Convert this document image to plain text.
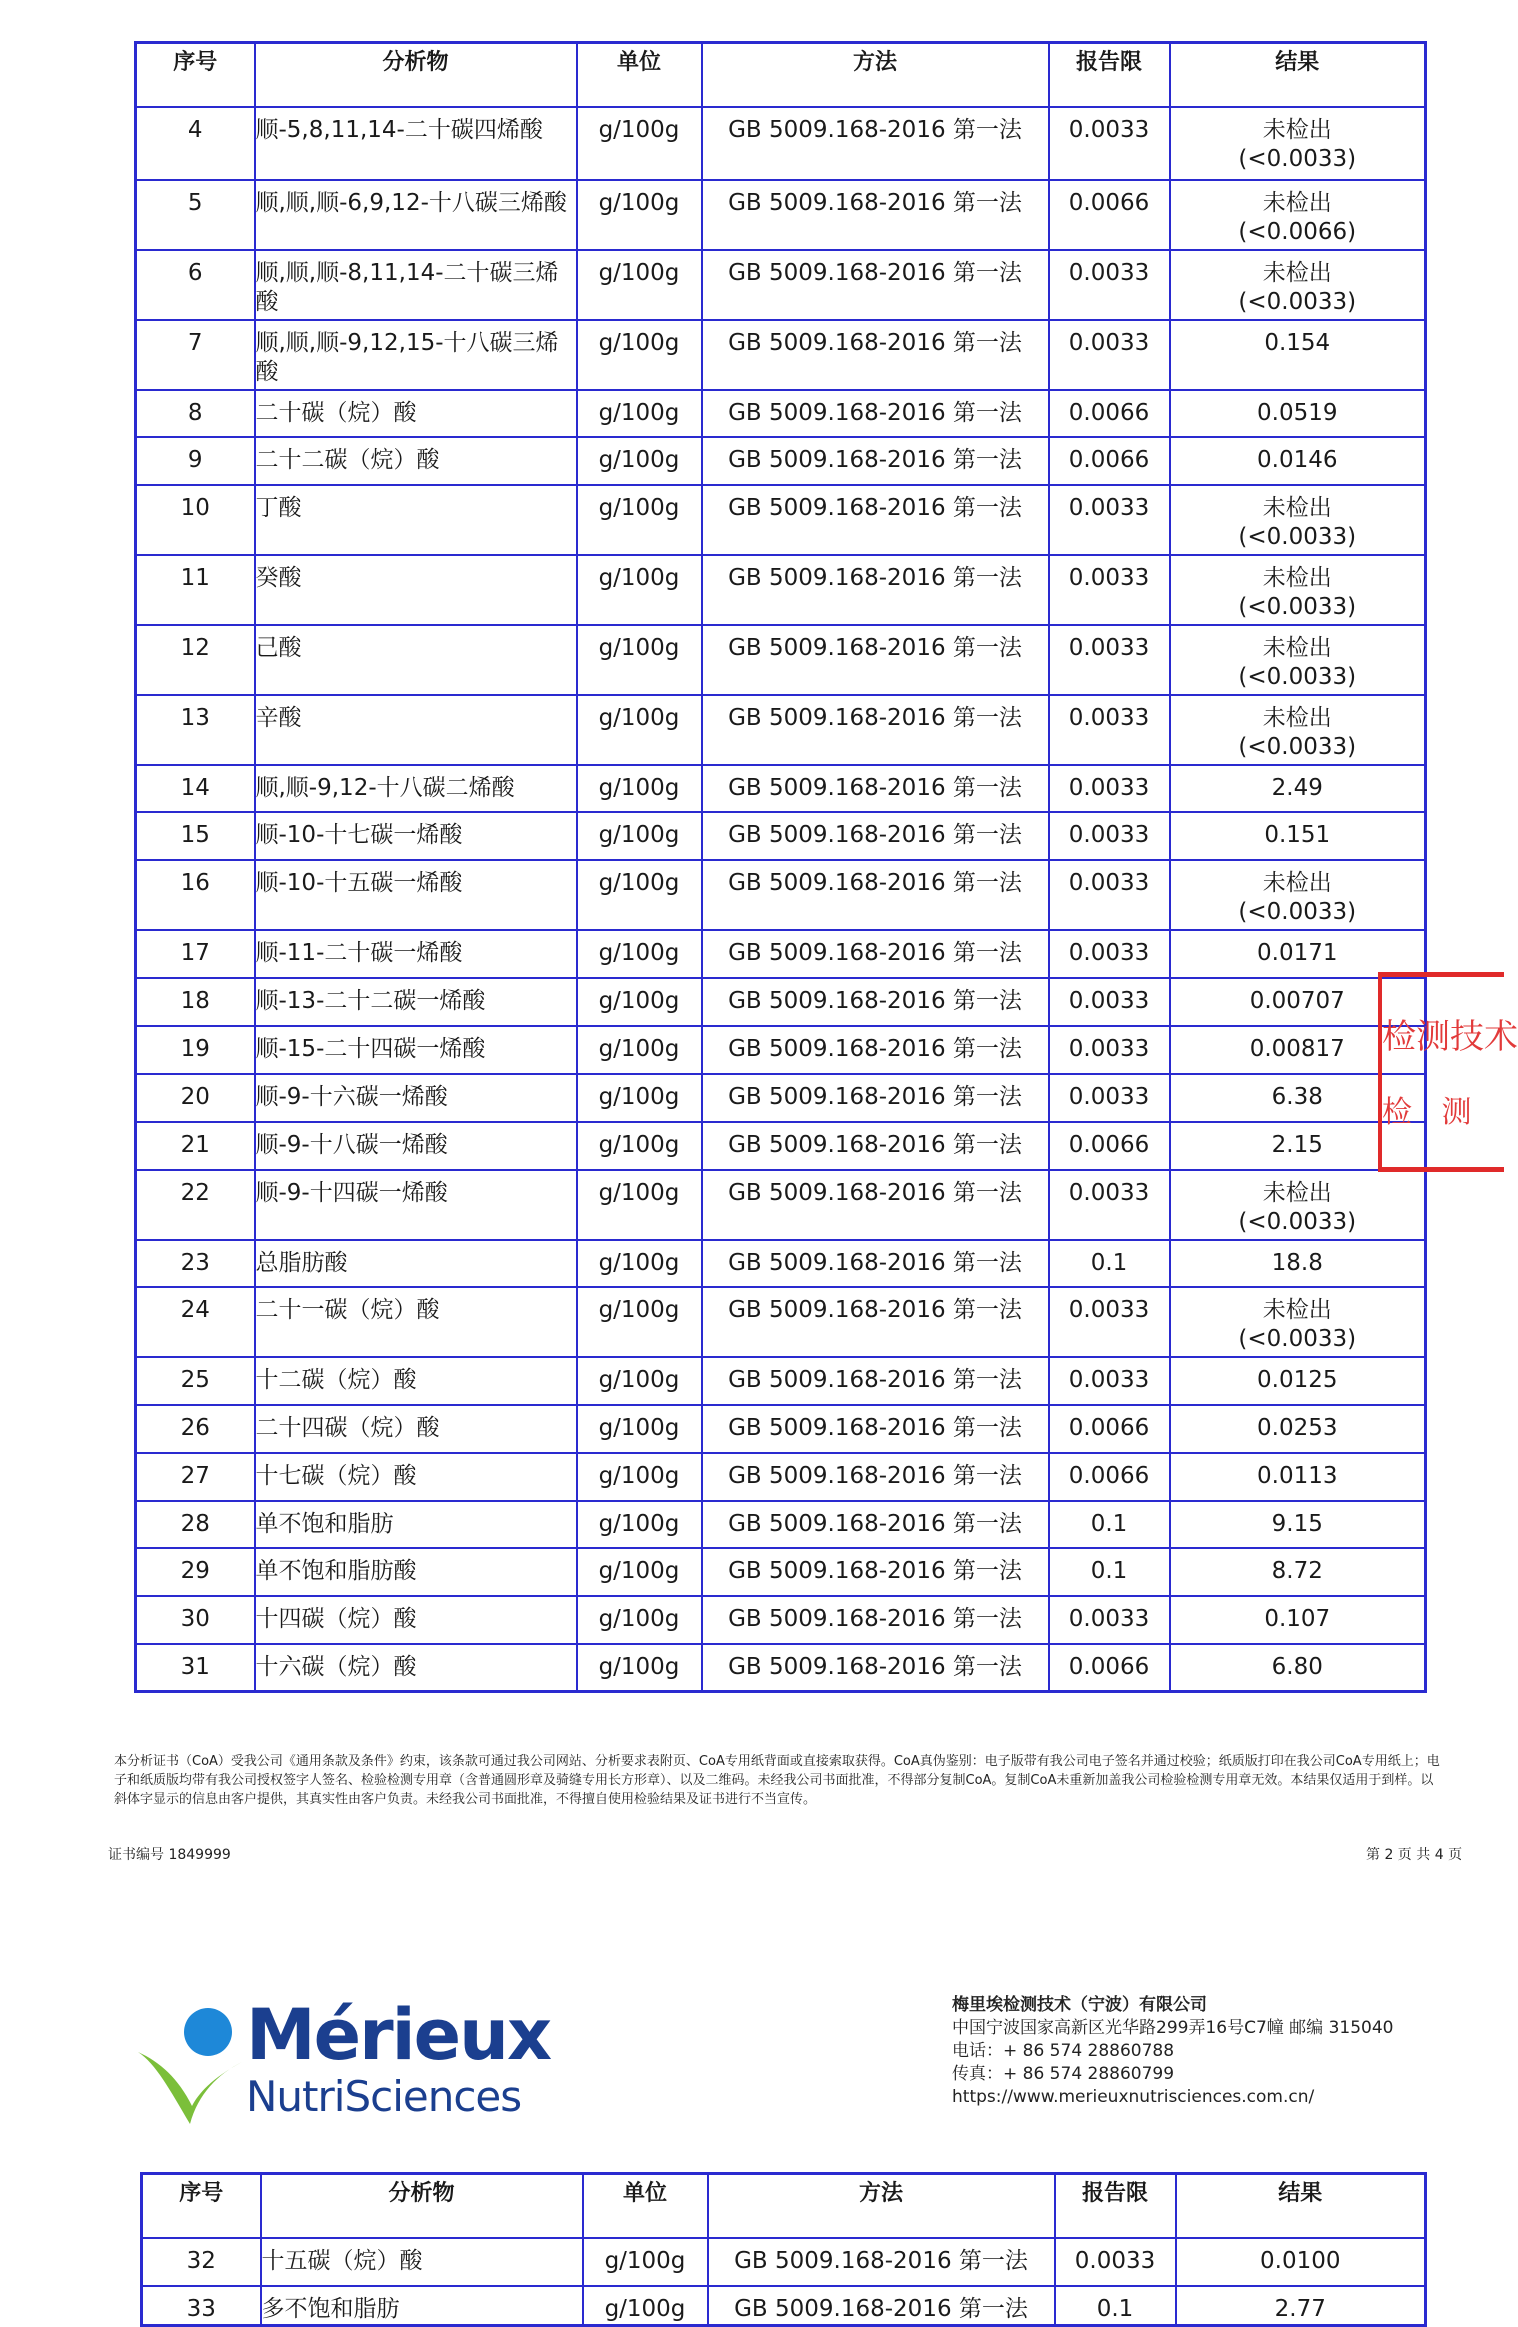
序号	分析物	单位	方法	报告限	结果
4	顺-5,8,11,14-二十碳四烯酸	g/100g	GB 5009.168-2016 第一法	0.0033	未检出
(<0.0033)
5	顺,顺,顺-6,9,12-十八碳三烯酸	g/100g	GB 5009.168-2016 第一法	0.0066	未检出
(<0.0066)
6	顺,顺,顺-8,11,14-二十碳三烯酸	g/100g	GB 5009.168-2016 第一法	0.0033	未检出
(<0.0033)
7	顺,顺,顺-9,12,15-十八碳三烯酸	g/100g	GB 5009.168-2016 第一法	0.0033	0.154
8	二十碳（烷）酸	g/100g	GB 5009.168-2016 第一法	0.0066	0.0519
9	二十二碳（烷）酸	g/100g	GB 5009.168-2016 第一法	0.0066	0.0146
10	丁酸	g/100g	GB 5009.168-2016 第一法	0.0033	未检出
(<0.0033)
11	癸酸	g/100g	GB 5009.168-2016 第一法	0.0033	未检出
(<0.0033)
12	己酸	g/100g	GB 5009.168-2016 第一法	0.0033	未检出
(<0.0033)
13	辛酸	g/100g	GB 5009.168-2016 第一法	0.0033	未检出
(<0.0033)
14	顺,顺-9,12-十八碳二烯酸	g/100g	GB 5009.168-2016 第一法	0.0033	2.49
15	顺-10-十七碳一烯酸	g/100g	GB 5009.168-2016 第一法	0.0033	0.151
16	顺-10-十五碳一烯酸	g/100g	GB 5009.168-2016 第一法	0.0033	未检出
(<0.0033)
17	顺-11-二十碳一烯酸	g/100g	GB 5009.168-2016 第一法	0.0033	0.0171
18	顺-13-二十二碳一烯酸	g/100g	GB 5009.168-2016 第一法	0.0033	0.00707
19	顺-15-二十四碳一烯酸	g/100g	GB 5009.168-2016 第一法	0.0033	0.00817
20	顺-9-十六碳一烯酸	g/100g	GB 5009.168-2016 第一法	0.0033	6.38
21	顺-9-十八碳一烯酸	g/100g	GB 5009.168-2016 第一法	0.0066	2.15
22	顺-9-十四碳一烯酸	g/100g	GB 5009.168-2016 第一法	0.0033	未检出
(<0.0033)
23	总脂肪酸	g/100g	GB 5009.168-2016 第一法	0.1	18.8
24	二十一碳（烷）酸	g/100g	GB 5009.168-2016 第一法	0.0033	未检出
(<0.0033)
25	十二碳（烷）酸	g/100g	GB 5009.168-2016 第一法	0.0033	0.0125
26	二十四碳（烷）酸	g/100g	GB 5009.168-2016 第一法	0.0066	0.0253
27	十七碳（烷）酸	g/100g	GB 5009.168-2016 第一法	0.0066	0.0113
28	单不饱和脂肪	g/100g	GB 5009.168-2016 第一法	0.1	9.15
29	单不饱和脂肪酸	g/100g	GB 5009.168-2016 第一法	0.1	8.72
30	十四碳（烷）酸	g/100g	GB 5009.168-2016 第一法	0.0033	0.107
31	十六碳（烷）酸	g/100g	GB 5009.168-2016 第一法	0.0066	6.80
本分析证书（CoA）受我公司《通用条款及条件》约束，该条款可通过我公司网站、分析要求表附页、CoA专用纸背面或直接索取获得。CoA真伪鉴别：电子版带有我公司电子签名并通过校验；纸质版打印在我公司CoA专用纸上；电子和纸质版均带有我公司授权签字人签名、检验检测专用章（含普通圆形章及骑缝专用长方形章）、以及二维码。未经我公司书面批准，不得部分复制CoA。复制CoA未重新加盖我公司检验检测专用章无效。本结果仅适用于到样。以斜体字显示的信息由客户提供，其真实性由客户负责。未经我公司书面批准，不得擅自使用检验结果及证书进行不当宣传。
证书编号 1849999	第 2 页 共 4 页
检测技术
检 测
Mérieux
NutriSciences
梅里埃检测技术（宁波）有限公司
中国宁波国家高新区光华路299弄16号C7幢 邮编 315040
电话：+ 86 574 28860788
传真：+ 86 574 28860799
https://www.merieuxnutrisciences.com.cn/
序号	分析物	单位	方法	报告限	结果
32	十五碳（烷）酸	g/100g	GB 5009.168-2016 第一法	0.0033	0.0100
33	多不饱和脂肪	g/100g	GB 5009.168-2016 第一法	0.1	2.77
